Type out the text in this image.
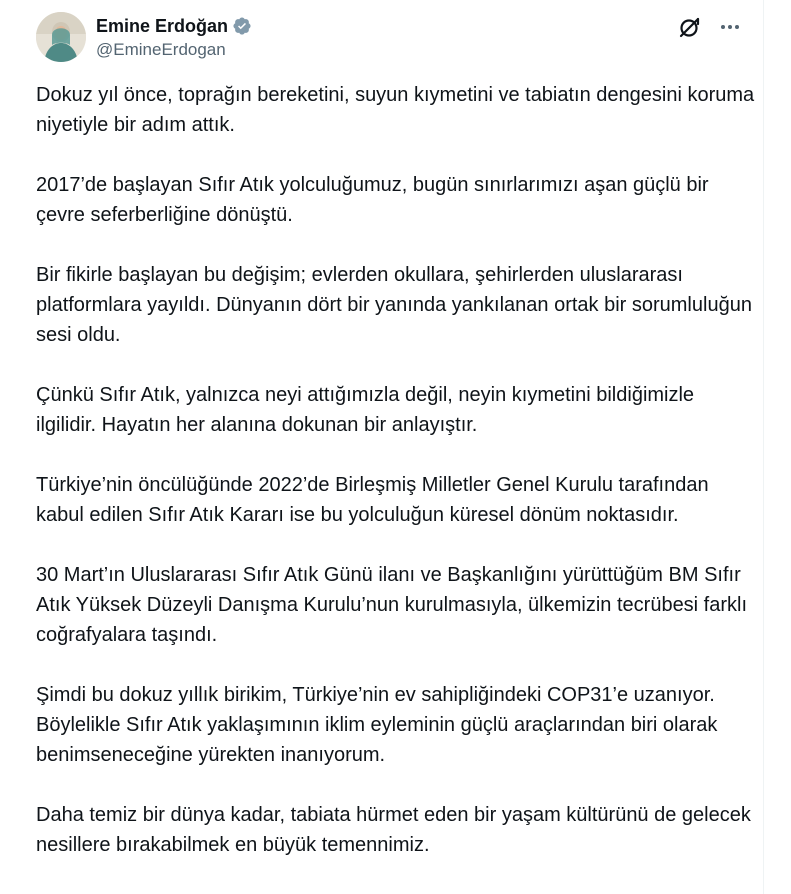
Emine Erdoğan
@EmineErdogan

Dokuz yıl önce, toprağın bereketini, suyun kıymetini ve tabiatın dengesini koruma niyetiyle bir adım attık.

2017’de başlayan Sıfır Atık yolculuğumuz, bugün sınırlarımızı aşan güçlü bir çevre seferberliğine dönüştü.

Bir fikirle başlayan bu değişim; evlerden okullara, şehirlerden uluslararası platformlara yayıldı. Dünyanın dört bir yanında yankılanan ortak bir sorumluluğun sesi oldu.

Çünkü Sıfır Atık, yalnızca neyi attığımızla değil, neyin kıymetini bildiğimizle ilgilidir. Hayatın her alanına dokunan bir anlayıştır.

Türkiye’nin öncülüğünde 2022’de Birleşmiş Milletler Genel Kurulu tarafından kabul edilen Sıfır Atık Kararı ise bu yolculuğun küresel dönüm noktasıdır.

30 Mart’ın Uluslararası Sıfır Atık Günü ilanı ve Başkanlığını yürüttüğüm BM Sıfır Atık Yüksek Düzeyli Danışma Kurulu’nun kurulmasıyla, ülkemizin tecrübesi farklı coğrafyalara taşındı.

Şimdi bu dokuz yıllık birikim, Türkiye’nin ev sahipliğindeki COP31’e uzanıyor. Böylelikle Sıfır Atık yaklaşımının iklim eyleminin güçlü araçlarından biri olarak benimseneceğine yürekten inanıyorum.

Daha temiz bir dünya kadar, tabiata hürmet eden bir yaşam kültürünü de gelecek nesillere bırakabilmek en büyük temennimiz.
